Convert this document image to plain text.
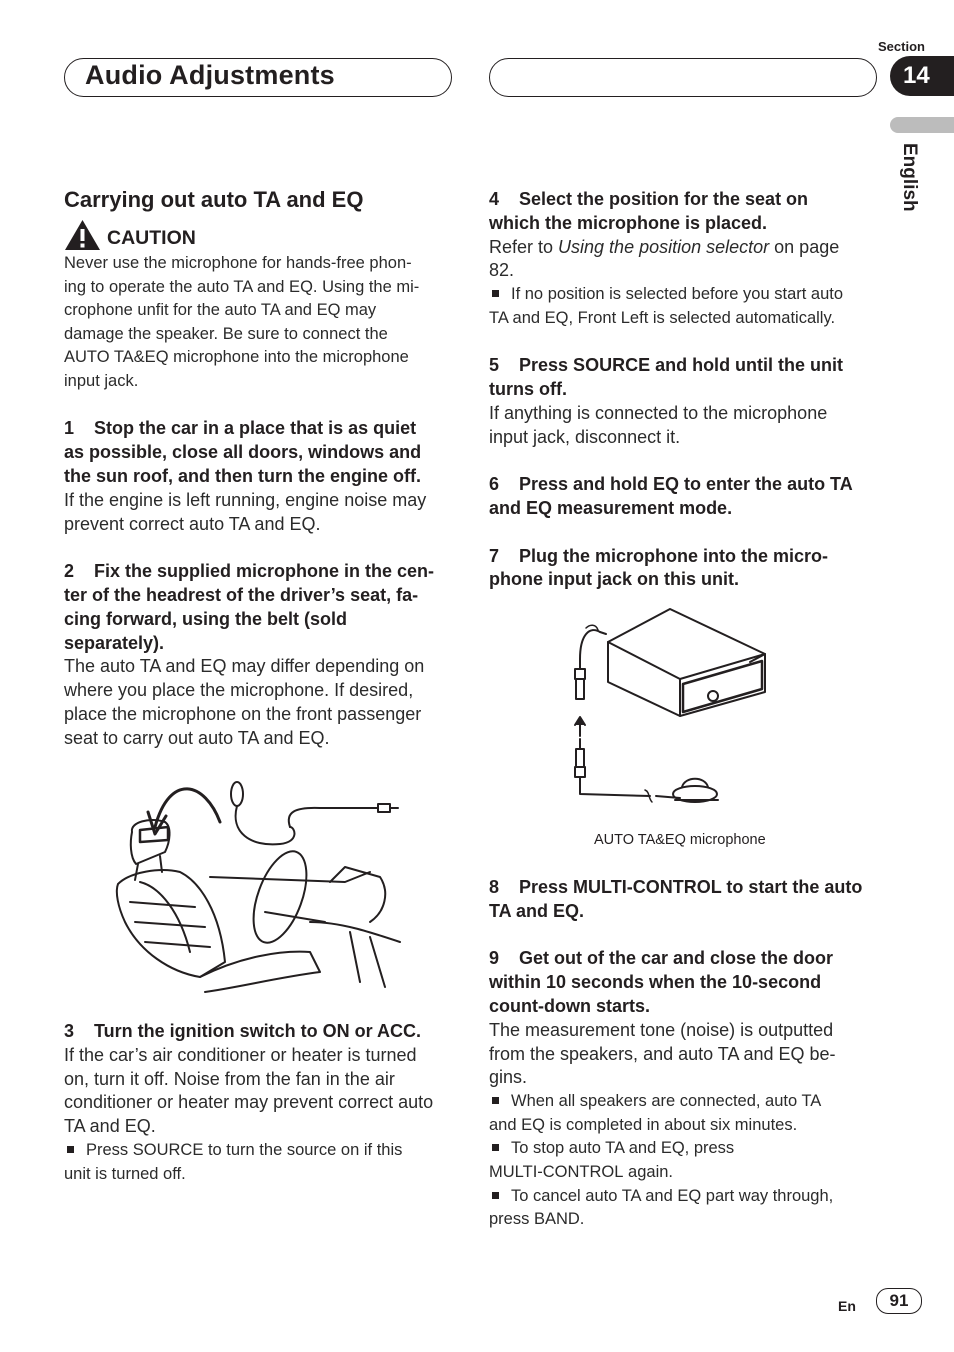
Audio Adjustments
Section
14
English
Carrying out auto TA and EQ
CAUTION
Never use the microphone for hands-free phon-
ing to operate the auto TA and EQ. Using the mi-
crophone unfit for the auto TA and EQ may
damage the speaker. Be sure to connect the
AUTO TA&EQ microphone into the microphone
input jack.
1    Stop the car in a place that is as quiet
as possible, close all doors, windows and
the sun roof, and then turn the engine off.
If the engine is left running, engine noise may
prevent correct auto TA and EQ.
2    Fix the supplied microphone in the cen-
ter of the headrest of the driver’s seat, fa-
cing forward, using the belt (sold
separately).
The auto TA and EQ may differ depending on
where you place the microphone. If desired,
place the microphone on the front passenger
seat to carry out auto TA and EQ.
3    Turn the ignition switch to ON or ACC.
If the car’s air conditioner or heater is turned
on, turn it off. Noise from the fan in the air
conditioner or heater may prevent correct auto
TA and EQ.
Press SOURCE to turn the source on if this
unit is turned off.
4    Select the position for the seat on
which the microphone is placed.
Refer to Using the position selector on page
82.
If no position is selected before you start auto
TA and EQ, Front Left is selected automatically.
5    Press SOURCE and hold until the unit
turns off.
If anything is connected to the microphone
input jack, disconnect it.
6    Press and hold EQ to enter the auto TA
and EQ measurement mode.
7    Plug the microphone into the micro-
phone input jack on this unit.
AUTO TA&EQ microphone
8    Press MULTI-CONTROL to start the auto
TA and EQ.
9    Get out of the car and close the door
within 10 seconds when the 10-second
count-down starts.
The measurement tone (noise) is outputted
from the speakers, and auto TA and EQ be-
gins.
When all speakers are connected, auto TA
and EQ is completed in about six minutes.
To stop auto TA and EQ, press
MULTI-CONTROL again.
To cancel auto TA and EQ part way through,
press BAND.
En	91
